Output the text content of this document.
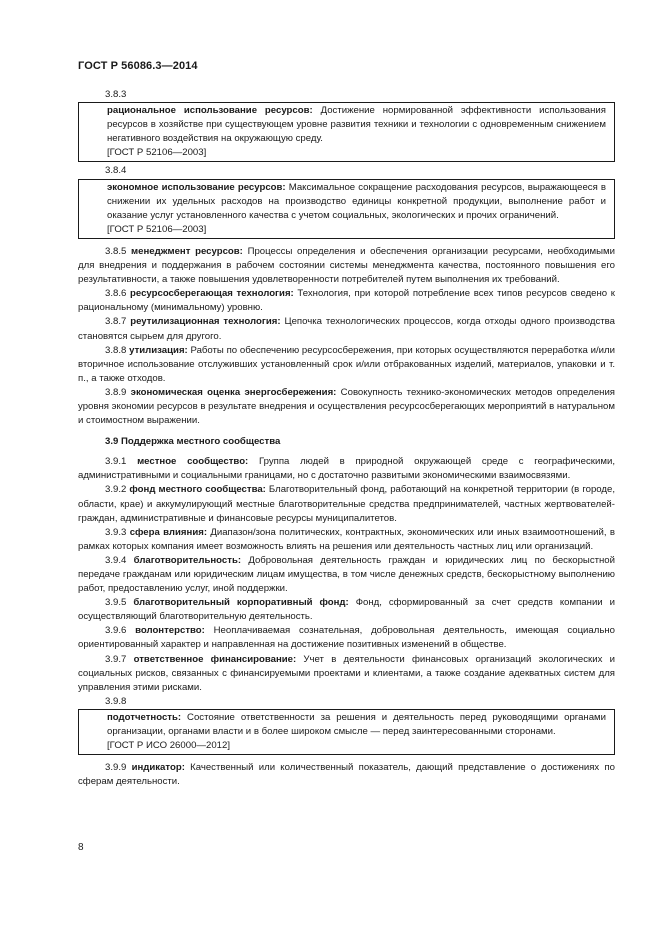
ГОСТ Р 56086.3—2014
3.8.3

рациональное использование ресурсов: Достижение нормированной эффективности использования ресурсов в хозяйстве при существующем уровне развития техники и технологии с одновременным снижением негативного воздействия на окружающую среду.

[ГОСТ Р 52106—2003]
3.8.4

экономное использование ресурсов: Максимальное сокращение расходования ресурсов, выражающееся в снижении их удельных расходов на производство единицы конкретной продукции, выполнение работ и оказание услуг установленного качества с учетом социальных, экологических и прочих ограничений.

[ГОСТ Р 52106—2003]

3.8.5 менеджмент ресурсов: Процессы определения и обеспечения организации ресурсами, необходимыми для внедрения и поддержания в рабочем состоянии системы менеджмента качества, постоянного повышения его результативности, а также повышения удовлетворенности потребителей путем выполнения их требований.

3.8.6 ресурсосберегающая технология: Технология, при которой потребление всех типов ресурсов сведено к рациональному (минимальному) уровню.

3.8.7 реутилизационная технология: Цепочка технологических процессов, когда отходы одного производства становятся сырьем для другого.

3.8.8 утилизация: Работы по обеспечению ресурсосбережения, при которых осуществляются переработка и/или вторичное использование отслуживших установленный срок и/или отбракованных изделий, материалов, упаковки и т. п., а также отходов.

3.8.9 экономическая оценка энергосбережения: Совокупность технико-экономических методов определения уровня экономии ресурсов в результате внедрения и осуществления ресурсосберегающих мероприятий в натуральном и стоимостном выражении.

3.9 Поддержка местного сообщества

3.9.1 местное сообщество: Группа людей в природной окружающей среде с географическими, административными и социальными границами, но с достаточно развитыми экономическими взаимосвязями.

3.9.2 фонд местного сообщества: Благотворительный фонд, работающий на конкретной территории (в городе, области, крае) и аккумулирующий местные благотворительные средства предпринимателей, частных жертвователей-граждан, административные и финансовые ресурсы муниципалитетов.

3.9.3 сфера влияния: Диапазон/зона политических, контрактных, экономических или иных взаимоотношений, в рамках которых компания имеет возможность влиять на решения или деятельность частных лиц или организаций.

3.9.4 благотворительность: Добровольная деятельность граждан и юридических лиц по бескорыстной передаче гражданам или юридическим лицам имущества, в том числе денежных средств, бескорыстному выполнению работ, предоставлению услуг, иной поддержки.

3.9.5 благотворительный корпоративный фонд: Фонд, сформированный за счет средств компании и осуществляющий благотворительную деятельность.

3.9.6 волонтерство: Неоплачиваемая сознательная, добровольная деятельность, имеющая социально ориентированный характер и направленная на достижение позитивных изменений в обществе.

3.9.7 ответственное финансирование: Учет в деятельности финансовых организаций экологических и социальных рисков, связанных с финансируемыми проектами и клиентами, а также создание адекватных систем для управления этими рисками.

3.9.8

подотчетность: Состояние ответственности за решения и деятельность перед руководящими органами организации, органами власти и в более широком смысле — перед заинтересованными сторонами.

[ГОСТ Р ИСО 26000—2012]

3.9.9 индикатор: Качественный или количественный показатель, дающий представление о достижениях по сферам деятельности.

8
